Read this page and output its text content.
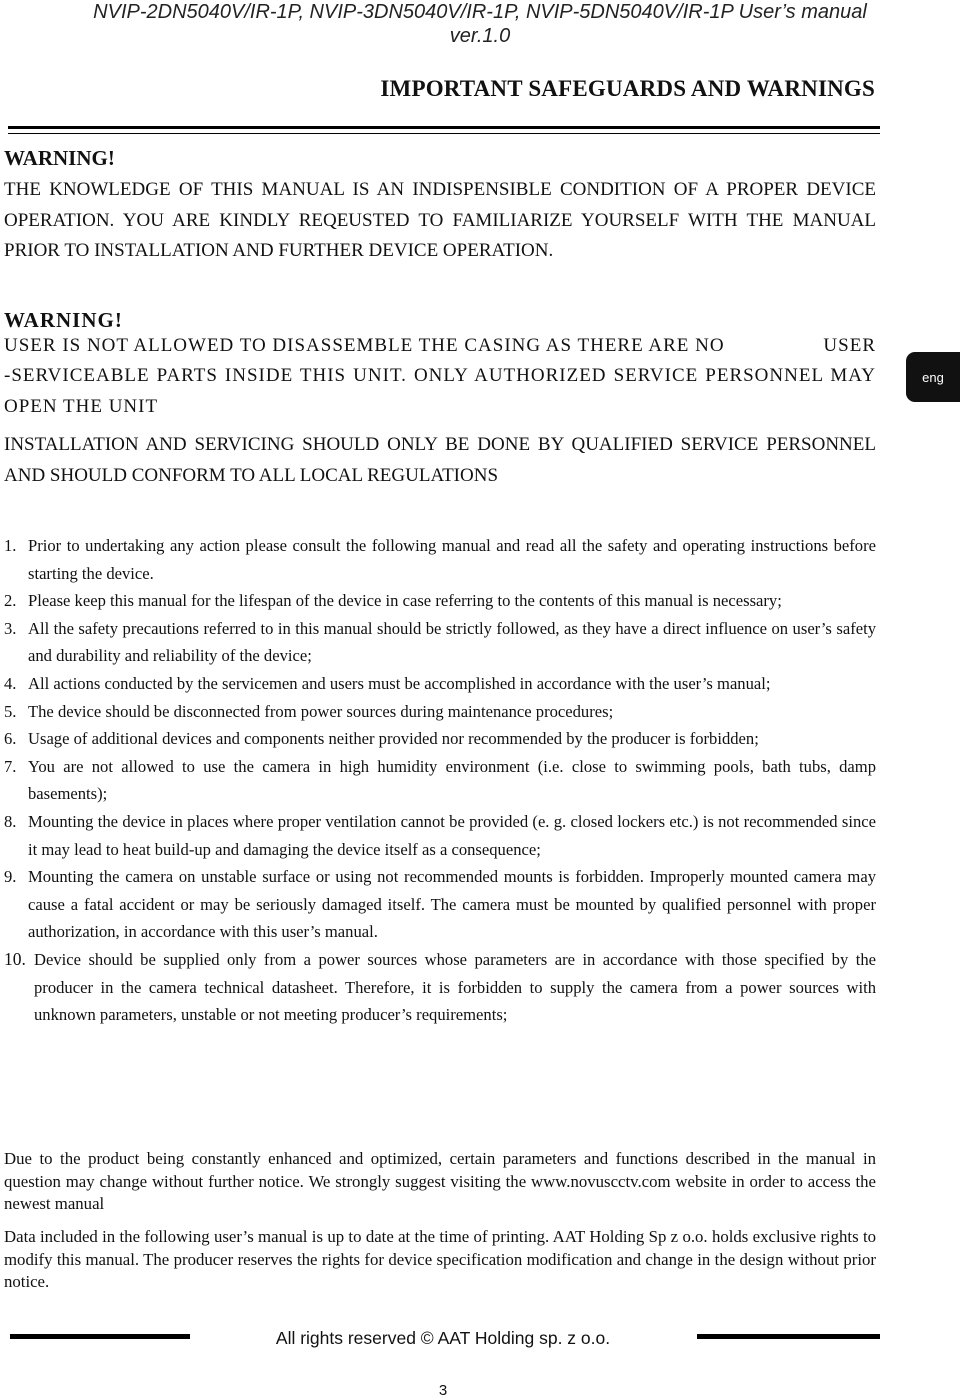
NVIP-2DN5040V/IR-1P, NVIP-3DN5040V/IR-1P, NVIP-5DN5040V/IR-1P User’s manual
ver.1.0
IMPORTANT SAFEGUARDS AND WARNINGS
WARNING!
THE KNOWLEDGE OF THIS MANUAL IS AN INDISPENSIBLE CONDITION OF A PROPER DEVICE OPERATION. YOU ARE KINDLY REQEUSTED TO FAMILIARIZE YOURSELF WITH THE MANUAL PRIOR TO INSTALLATION AND FURTHER DEVICE OPERATION.
WARNING!
USER IS NOT ALLOWED TO DISASSEMBLE THE CASING AS THERE ARE NO	USER
-SERVICEABLE PARTS INSIDE THIS UNIT. ONLY AUTHORIZED SERVICE PERSONNEL MAY OPEN THE UNIT
INSTALLATION AND SERVICING SHOULD ONLY BE DONE BY QUALIFIED SERVICE PERSONNEL AND SHOULD CONFORM TO ALL LOCAL REGULATIONS
eng
1. Prior to undertaking any action please consult the following manual and read all the safety and operating instructions before starting the device.
2. Please keep this manual for the lifespan of the device in case referring to the contents of this manual is necessary;
3. All the safety precautions referred to in this manual should be strictly followed, as they have a direct influence on user’s safety and durability and reliability of the device;
4. All actions conducted by the servicemen and users must be accomplished in accordance with the user’s manual;
5. The device should be disconnected from power sources during maintenance procedures;
6. Usage of additional devices and components neither provided nor recommended by the producer is forbidden;
7. You are not allowed to use the camera in high humidity environment (i.e. close to swimming pools, bath tubs, damp basements);
8. Mounting the device in places where proper ventilation cannot be provided (e. g. closed lockers etc.) is not recommended since it may lead to heat build-up and damaging the device itself as a consequence;
9. Mounting the camera on unstable surface or using not recommended mounts is forbidden. Improperly mounted camera may cause a fatal accident or may be seriously damaged itself. The camera must be mounted by qualified personnel with proper authorization, in accordance with this user’s manual.
10. Device should be supplied only from a power sources whose parameters are in accordance with those specified by the producer in the camera technical datasheet. Therefore, it is forbidden to supply the camera from a power sources with unknown parameters, unstable or not meeting producer’s requirements;
Due to the product being constantly enhanced and optimized, certain parameters and functions described in the manual in question may change without further notice. We strongly suggest visiting the www.novuscctv.com website in order to access the newest manual
Data included in the following user’s manual is up to date at the time of printing. AAT Holding Sp z o.o. holds exclusive rights to modify this manual. The producer reserves the rights for device specification modification and change in the design without prior notice.
All rights reserved © AAT Holding sp. z o.o.
3
